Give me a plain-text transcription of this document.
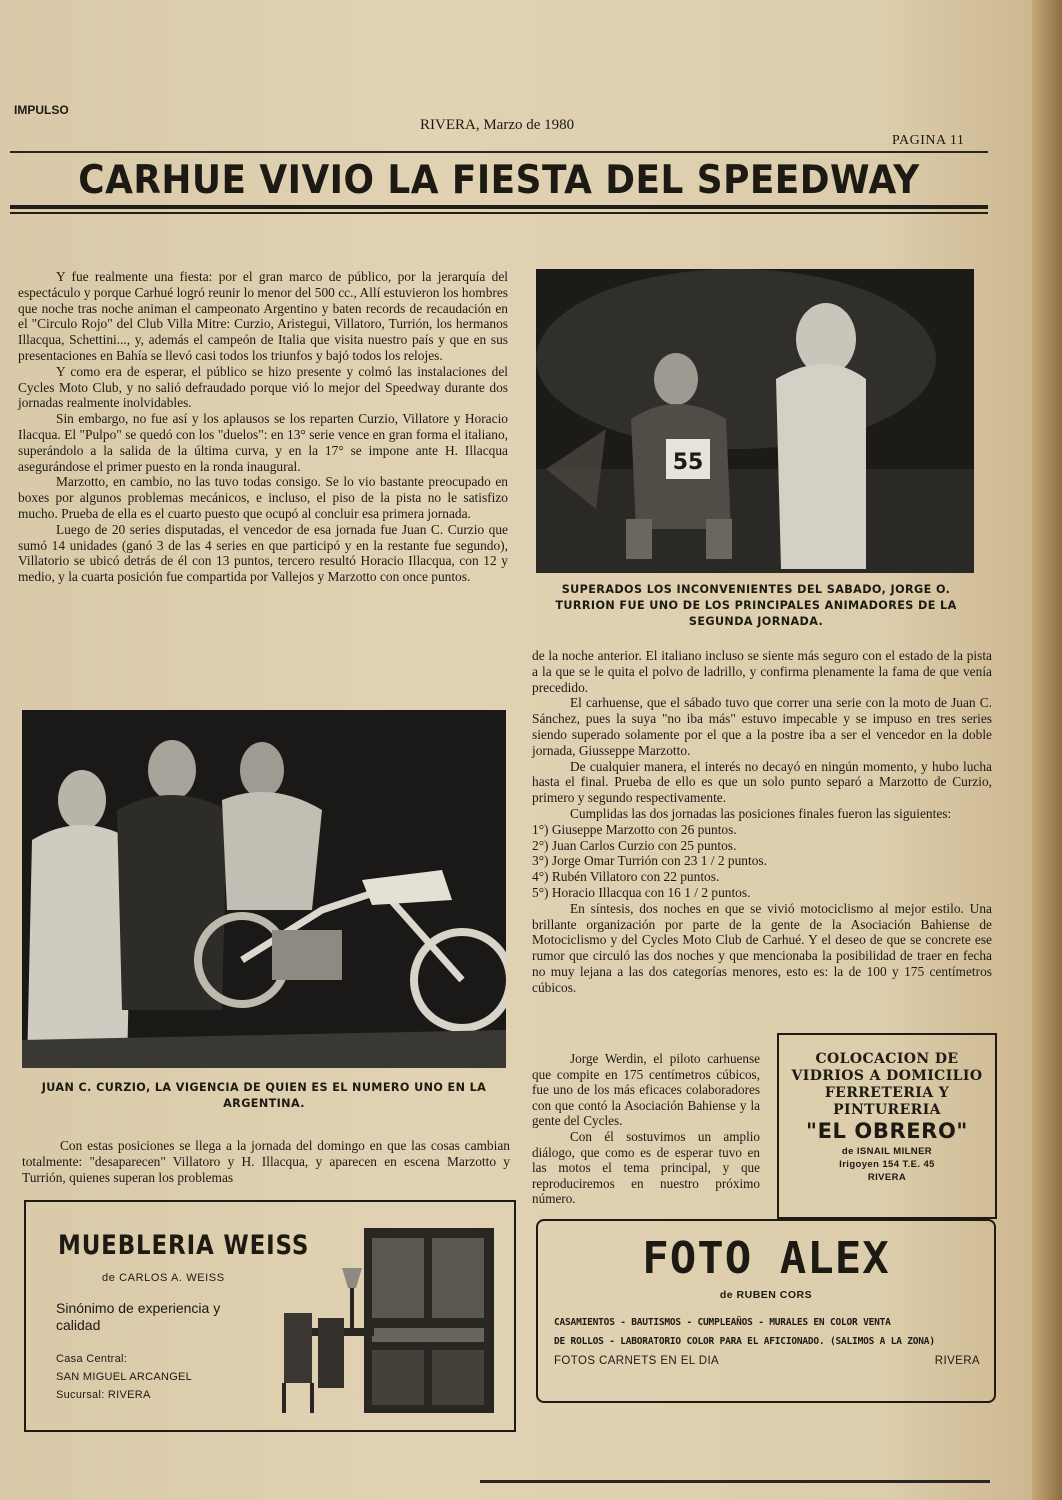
IMPULSO
RIVERA, Marzo de 1980
PAGINA 11
CARHUE VIVIO LA FIESTA DEL SPEEDWAY

Y fue realmente una fiesta: por el gran marco de público, por la jerarquía del espectáculo y porque Carhué logró reunir lo menor del 500 cc., Allí estuvieron los hombres que noche tras noche animan el campeonato Argentino y baten records de recaudación en el "Circulo Rojo" del Club Villa Mitre: Curzio, Aristegui, Villatoro, Turrión, los hermanos Illacqua, Schettini..., y, además el campeón de Italia que visita nuestro país y que en sus presentaciones en Bahía se llevó casi todos los triunfos y bajó todos los relojes.

Y como era de esperar, el público se hizo presente y colmó las instalaciones del Cycles Moto Club, y no salió defraudado porque vió lo mejor del Speedway durante dos jornadas realmente inolvidables.

Sin embargo, no fue así y los aplausos se los reparten Curzio, Villatore y Horacio Ilacqua. El "Pulpo" se quedó con los "duelos": en 13° serie vence en gran forma el italiano, superándolo a la salida de la última curva, y en la 17° se impone ante H. Illacqua asegurándose el primer puesto en la ronda inaugural.

Marzotto, en cambio, no las tuvo todas consigo. Se lo vio bastante preocupado en boxes por algunos problemas mecánicos, e incluso, el piso de la pista no le satisfizo mucho. Prueba de ella es el cuarto puesto que ocupó al concluir esa primera jornada.

Luego de 20 series disputadas, el vencedor de esa jornada fue Juan C. Curzio que sumó 14 unidades (ganó 3 de las 4 series en que participó y en la restante fue segundo), Villatorio se ubicó detrás de él con 13 puntos, tercero resultó Horacio Illacqua, con 12 y medio, y la cuarta posición fue compartida por Vallejos y Marzotto con once puntos.

55
SUPERADOS LOS INCONVENIENTES DEL SABADO, JORGE O. TURRION FUE UNO DE LOS PRINCIPALES ANIMADORES DE LA SEGUNDA JORNADA.

de la noche anterior. El italiano incluso se siente más seguro con el estado de la pista a la que se le quita el polvo de ladrillo, y confirma plenamente la fama de que venía precedido.

El carhuense, que el sábado tuvo que correr una serie con la moto de Juan C. Sánchez, pues la suya "no iba más" estuvo impecable y se impuso en tres series siendo superado solamente por el que a la postre iba a ser el vencedor en la doble jornada, Giusseppe Marzotto.

De cualquier manera, el interés no decayó en ningún momento, y hubo lucha hasta el final. Prueba de ello es que un solo punto separó a Marzotto de Curzio, primero y segundo respectivamente.

Cumplidas las dos jornadas las posiciones finales fueron las siguientes:

1°) Giuseppe Marzotto con 26 puntos.
2°) Juan Carlos Curzio con 25 puntos.
3°) Jorge Omar Turrión con 23 1 / 2 puntos.
4°) Rubén Villatoro con 22 puntos.
5°) Horacio Illacqua con 16 1 / 2 puntos.

En síntesis, dos noches en que se vivió motociclismo al mejor estilo. Una brillante organización por parte de la gente de la Asociación Bahiense de Motociclismo y del Cycles Moto Club de Carhué. Y el deseo de que se concrete ese rumor que circuló las dos noches y que mencionaba la posibilidad de traer en fecha no muy lejana a las dos categorías menores, esto es: la de 100 y 175 centímetros cúbicos.

JUAN C. CURZIO, LA VIGENCIA DE QUIEN ES EL NUMERO UNO EN LA ARGENTINA.

Con estas posiciones se llega a la jornada del domingo en que las cosas cambian totalmente: "desaparecen" Villatoro y H. Illacqua, y aparecen en escena Marzotto y Turrión, quienes superan los problemas

Jorge Werdin, el piloto carhuense que compite en 175 centímetros cúbicos, fue uno de los más eficaces colaboradores con que contó la Asociación Bahiense y la gente del Cycles.

Con él sostuvimos un amplio diálogo, que como es de esperar tuvo en las motos el tema principal, y que reproduciremos en nuestro próximo número.

COLOCACION DE
VIDRIOS A DOMICILIO
FERRETERIA Y
PINTURERIA
"EL OBRERO"
de ISNAIL MILNER
Irigoyen 154 T.E. 45
RIVERA
MUEBLERIA WEISS
de CARLOS A. WEISS
Sinónimo de experiencia y calidad
Casa Central:
SAN MIGUEL ARCANGEL
Sucursal: RIVERA
FOTO ALEX
de RUBEN CORS
CASAMIENTOS - BAUTISMOS - CUMPLEAÑOS - MURALES EN COLOR VENTA
DE ROLLOS - LABORATORIO COLOR PARA EL AFICIONADO. (SALIMOS A LA ZONA)
FOTOS CARNETS EN EL DIA	RIVERA
